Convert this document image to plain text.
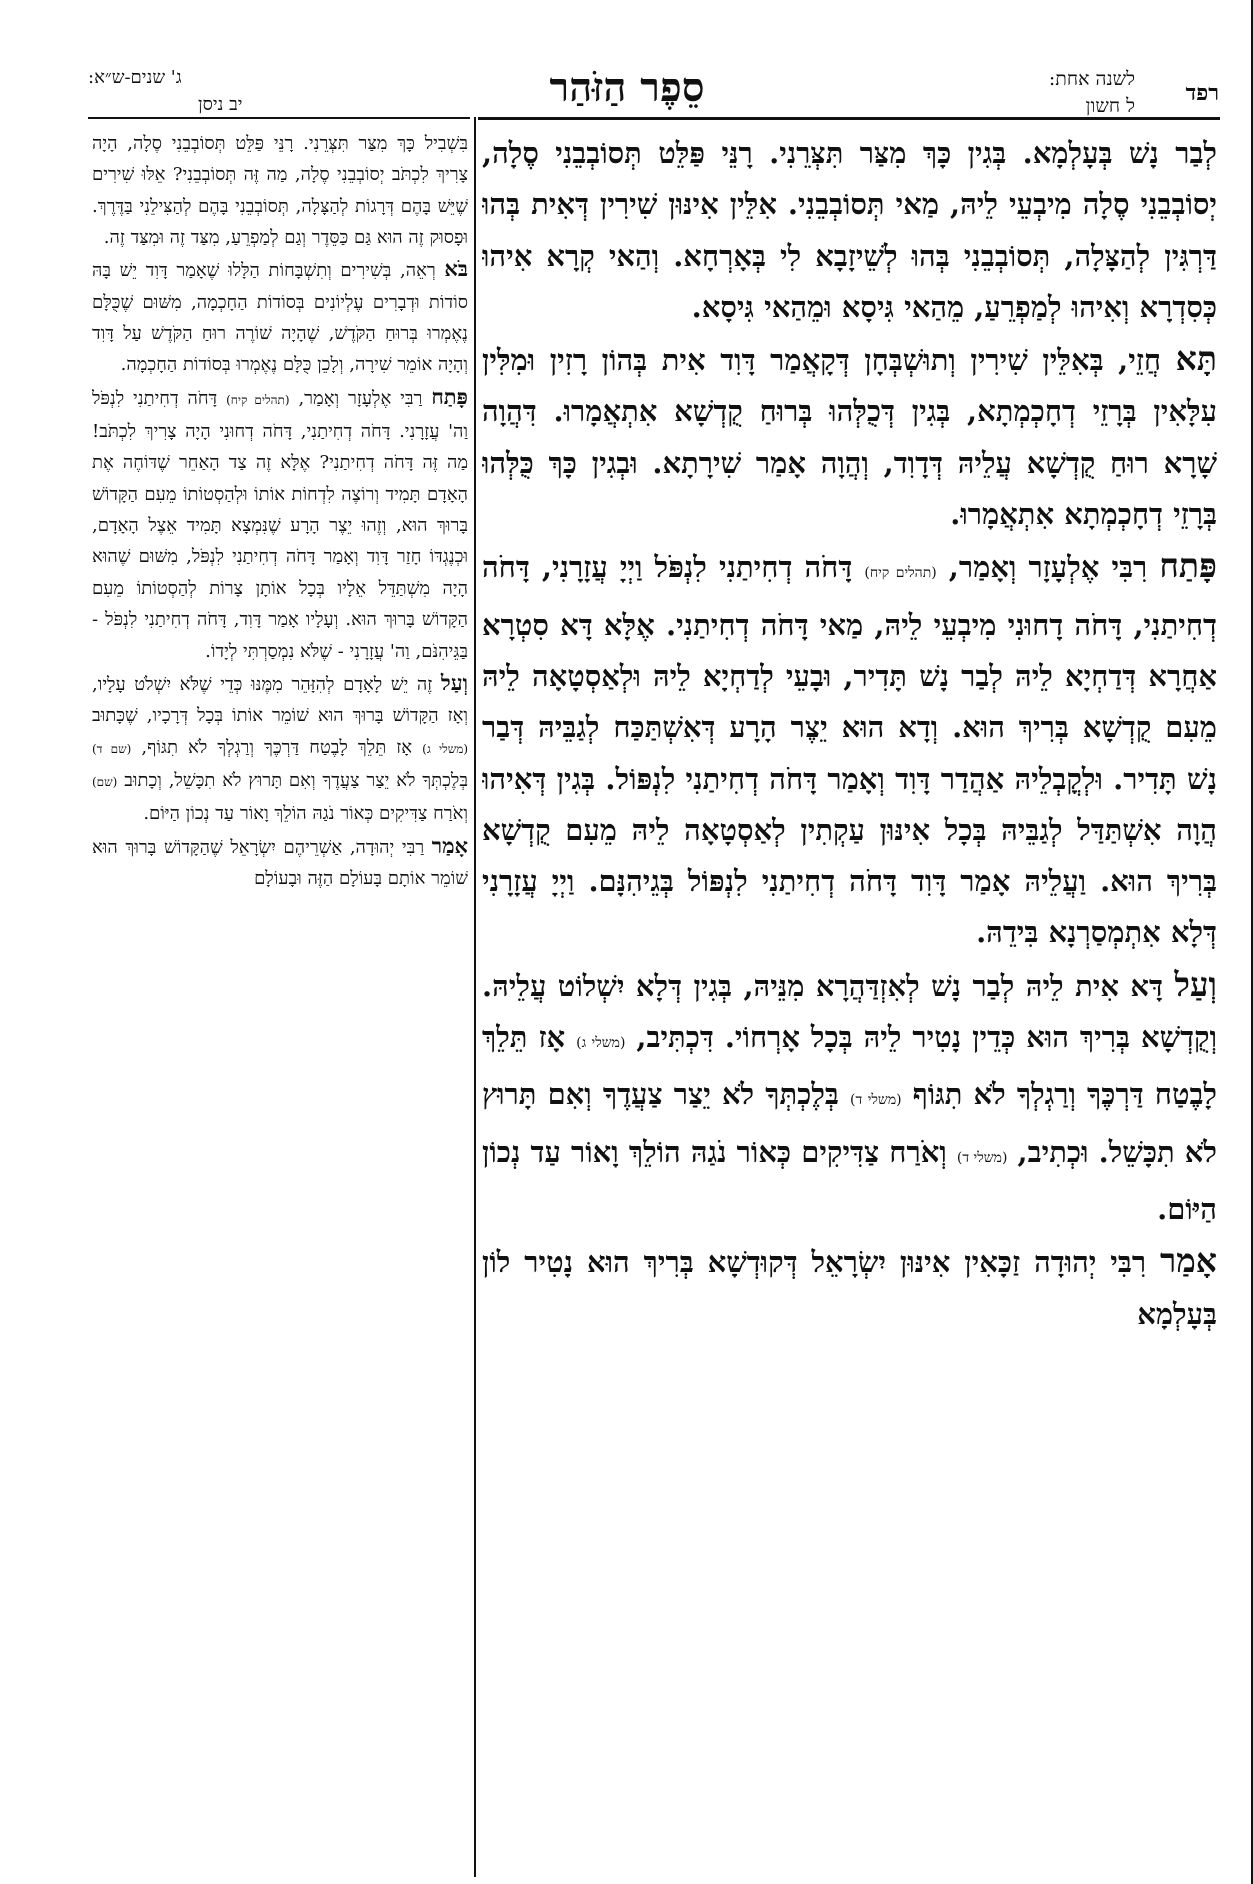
רפד
לשנה אחת:
ל חשון
סֵפֶר הַזֹּהַר
ג' שנים-ש״א:
יב ניסן

לְבַר נָשׁ בְּעָלְמָא. בְּגִין כָּךְ מִצַּר תִּצְּרֵנִי. רָנֵּי פַּלֵּט תְּסוֹבְבֵנִי סֶלָה, יְסוֹבְבֵנִי סֶלָה מִיבְעֵי לֵיהּ, מַאי תְּסוֹבְבֵנִי. אִלֵּין אִינּוּן שִׁירִין דְּאִית בְּהוּ דַּרְגִּין לְהַצָּלָה, תְּסוֹבְבֵנִי בְּהוּ לְשֵׁיזָבָא לִי בְּאָרְחָא. וְהַאי קְרָא אִיהוּ כְּסִדְרָא וְאִיהוּ לְמַפְרֵעַ, מֵהַאי גִּיסָא וּמֵהַאי גִּיסָא.

תָּא חֲזֵי, בְּאִלֵּין שִׁירִין וְתוּשְׁבְּחָן דְּקָאֲמַר דָּוִד אִית בְּהוֹן רָזִין וּמִלִּין עִלָּאִין בְּרָזֵי דְחָכְמְתָא, בְּגִין דְּכֻלְּהוּ בְּרוּחַ קֻדְשָׁא אִתְאֲמָרוּ. דִּהֲוָה שָׁרָא רוּחַ קֻדְשָׁא עֲלֵיהּ דְּדָוִד, וְהֲוָה אָמַר שִׁירָתָא. וּבְגִין כָּךְ כֻּלְּהוּ בְּרָזֵי דְחָכְמְתָא אִתְאֲמָרוּ.

פָּתַח רִבִּי אֶלְעָזָר וְאָמַר, (תהלים קיח) דָּחֹה דְחִיתַנִי לִנְפֹּל וַיְיָ עֲזָרָנִי, דָּחֹה דְחִיתַנִי, דָּחֹה דָחוּנִי מִיבְעֵי לֵיהּ, מַאי דָּחֹה דְחִיתַנִי. אֶלָּא דָּא סִטְרָא אַחֲרָא דְּדַחְיָא לֵיהּ לְבַר נָשׁ תָּדִיר, וּבָעֵי לְדַחְיָא לֵיהּ וּלְאַסְטָאָה לֵיהּ מֵעִם קֻדְשָׁא בְּרִיךְ הוּא. וְדָא הוּא יֵצֶר הָרָע דְּאִשְׁתַּכַּח לְגַבֵּיהּ דְּבַר נָשׁ תָּדִיר. וּלְקֳבְלֵיהּ אַהֲדַר דָּוִד וְאָמַר דָּחֹה דְחִיתַנִי לִנְפּוֹל. בְּגִין דְּאִיהוּ הֲוָה אִשְׁתַּדַּל לְגַבֵּיהּ בְּכָל אִינּוּן עַקְתִין לְאַסְטָאָה לֵיהּ מֵעִם קֻדְשָׁא בְּרִיךְ הוּא. וַעֲלֵיהּ אָמַר דָּוִד דָּחֹה דְחִיתַנִי לִנְפּוֹל בְּגֵיהִנָּם. וַיְיָ עֲזָרָנִי דְּלָא אִתְמְסַרְנָא בִּידֵהּ.

וְעַל דָּא אִית לֵיהּ לְבַר נָשׁ לְאִזְדַּהֲרָא מִנֵּיהּ, בְּגִין דְּלָא יִשְׁלוֹט עֲלֵיהּ. וְקֻדְשָׁא בְּרִיךְ הוּא כְּדֵין נָטִיר לֵיהּ בְּכָל אָרְחוֹי. דִּכְתִּיב, (משלי ג) אָז תֵּלֵךְ לָבֶטַח דַּרְכֶּךָ וְרַגְלְךָ לֹא תִגּוֹף (משלי ד) בְּלֶכְתְּךָ לֹא יֵצַר צַעֲדֶךָ וְאִם תָּרוּץ לֹא תִכָּשֵׁל. וּכְתִיב, (משלי ד) וְאֹרַח צַדִּיקִים כְּאוֹר נֹגַהּ הוֹלֵךְ וָאוֹר עַד נְכוֹן הַיּוֹם.

אָמַר רִבִּי יְהוּדָה זַכָּאִין אִינּוּן יִשְׂרָאֵל דְּקוּדְשָׁא בְּרִיךְ הוּא נָטִיר לוֹן בְּעָלְמָא

בִּשְׁבִיל כָּךְ מִצַּר תִּצְּרֵנִי. רָנֵּי פַּלֵּט תְּסוֹבְבֵנִי סֶלָה, הָיָה צָרִיךְ לִכְתֹּב יְסוֹבְבֵנִי סֶלָה, מַה זֶּה תְּסוֹבְבֵנִי? אֵלּוּ שִׁירִים שֶׁיֵּשׁ בָּהֶם דְּרָגוֹת לְהַצָּלָה, תְּסוֹבְבֵנִי בָּהֶם לְהַצִּילֵנִי בַּדֶּרֶךְ. וּפָסוּק זֶה הוּא גַּם כַּסֵּדֶר וְגַם לְמַפְרֵעַ, מִצַּד זֶה וּמִצַּד זֶה.

בֹּא רְאֵה, בְּשִׁירִים וְתִשְׁבָּחוֹת הַלָּלוּ שֶׁאָמַר דָּוִד יֵשׁ בָּהּ סוֹדוֹת וּדְבָרִים עֶלְיוֹנִים בְּסוֹדוֹת הַחָכְמָה, מִשּׁוּם שֶׁכֻּלָּם נֶאֶמְרוּ בְּרוּחַ הַקֹּדֶשׁ, שֶׁהָיָה שׁוֹרֶה רוּחַ הַקֹּדֶשׁ עַל דָּוִד וְהָיָה אוֹמֵר שִׁירָה, וְלָכֵן כֻּלָּם נֶאֶמְרוּ בְּסוֹדוֹת הַחָכְמָה.

פָּתַח רַבִּי אֶלְעָזָר וְאָמַר, (תהלים קיח) דָּחֹה דְחִיתַנִי לִנְפֹּל וַה' עֲזָרָנִי. דָּחֹה דְחִיתַנִי, דָּחֹה דְחוּנִי הָיָה צָרִיךְ לִכְתֹּב! מַה זֶּה דָּחֹה דְחִיתַנִי? אֶלָּא זֶה צַד הָאַחֵר שֶׁדּוֹחֶה אֶת הָאָדָם תָּמִיד וְרוֹצֶה לִדְחוֹת אוֹתוֹ וּלְהַסְטוֹתוֹ מֵעִם הַקָּדוֹשׁ בָּרוּךְ הוּא, וְזֶהוּ יֵצֶר הָרָע שֶׁנִּמְצָא תָּמִיד אֵצֶל הָאָדָם, וּכְנֶגְדּוֹ חָזַר דָּוִד וְאָמַר דָּחֹה דְחִיתַנִי לִנְפֹּל, מִשּׁוּם שֶׁהוּא הָיָה מִשְׁתַּדֵּל אֵלָיו בְּכָל אוֹתָן צָרוֹת לְהַסְטוֹתוֹ מֵעִם הַקָּדוֹשׁ בָּרוּךְ הוּא. וְעָלָיו אָמַר דָּוִד, דָּחֹה דְחִיתַנִי לִנְפֹּל - בַּגֵּיהִנֹּם, וַה' עֲזָרָנִי - שֶׁלֹּא נִמְסַרְתִּי לְיָדוֹ.

וְעַל זֶה יֵשׁ לָאָדָם לְהִזָּהֵר מִמֶּנּוּ כְּדֵי שֶׁלֹּא יִשְׁלֹט עָלָיו, וְאָז הַקָּדוֹשׁ בָּרוּךְ הוּא שׁוֹמֵר אוֹתוֹ בְּכָל דְּרָכָיו, שֶׁכָּתוּב (משלי ג) אָז תֵּלֵךְ לָבֶטַח דַּרְכֶּךָ וְרַגְלְךָ לֹא תִגּוֹף, (שם ד) בְּלֶכְתְּךָ לֹא יֵצַר צַעֲדֶךָ וְאִם תָּרוּץ לֹא תִכָּשֵׁל, וְכָתוּב (שם) וְאֹרַח צַדִּיקִים כְּאוֹר נֹגַהּ הוֹלֵךְ וָאוֹר עַד נְכוֹן הַיּוֹם.

אָמַר רַבִּי יְהוּדָה, אַשְׁרֵיהֶם יִשְׂרָאֵל שֶׁהַקָּדוֹשׁ בָּרוּךְ הוּא שׁוֹמֵר אוֹתָם בָּעוֹלָם הַזֶּה וּבָעוֹלָם
